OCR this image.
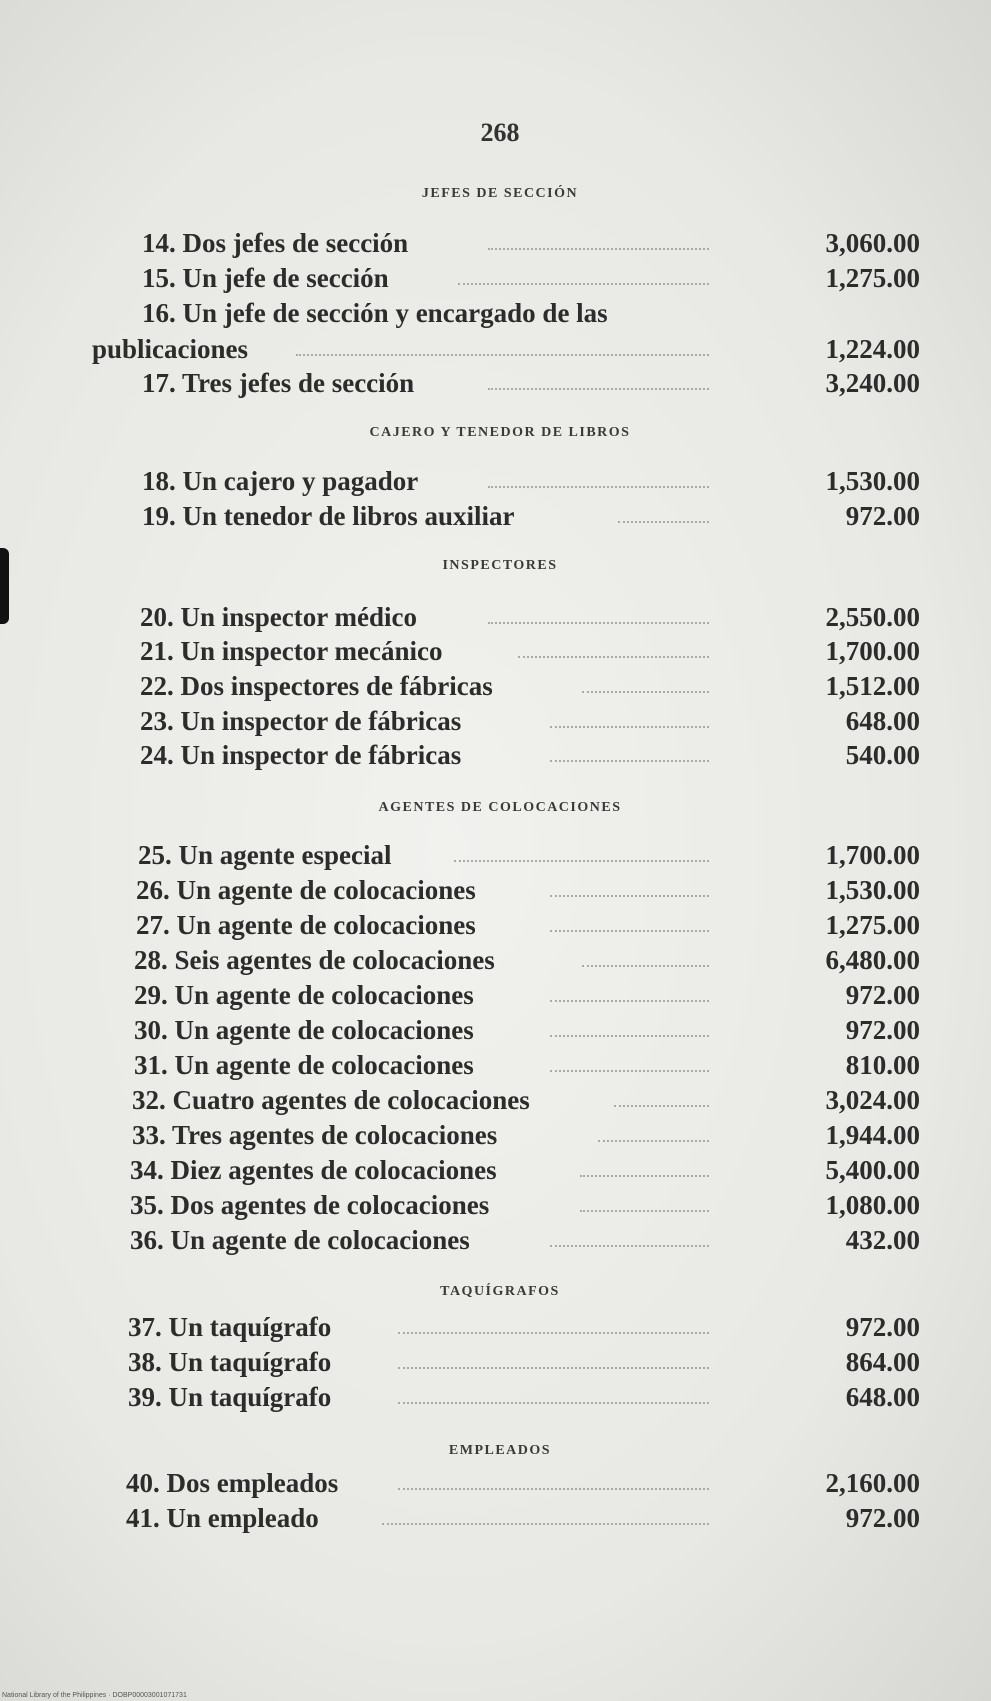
268
JEFES DE SECCIÓN
14. Dos jefes de sección	3,060.00
15. Un jefe de sección	1,275.00
16. Un jefe de sección y encargado de las
publicaciones	1,224.00
17. Tres jefes de sección	3,240.00
CAJERO Y TENEDOR DE LIBROS
18. Un cajero y pagador	1,530.00
19. Un tenedor de libros auxiliar	972.00
INSPECTORES
20. Un inspector médico	2,550.00
21. Un inspector mecánico	1,700.00
22. Dos inspectores de fábricas	1,512.00
23. Un inspector de fábricas	648.00
24. Un inspector de fábricas	540.00
AGENTES DE COLOCACIONES
25. Un agente especial	1,700.00
26. Un agente de colocaciones	1,530.00
27. Un agente de colocaciones	1,275.00
28. Seis agentes de colocaciones	6,480.00
29. Un agente de colocaciones	972.00
30. Un agente de colocaciones	972.00
31. Un agente de colocaciones	810.00
32. Cuatro agentes de colocaciones	3,024.00
33. Tres agentes de colocaciones	1,944.00
34. Diez agentes de colocaciones	5,400.00
35. Dos agentes de colocaciones	1,080.00
36. Un agente de colocaciones	432.00
TAQUÍGRAFOS
37. Un taquígrafo	972.00
38. Un taquígrafo	864.00
39. Un taquígrafo	648.00
EMPLEADOS
40. Dos empleados	2,160.00
41. Un empleado	972.00
National Library of the Philippines · DOBP00003001071731
